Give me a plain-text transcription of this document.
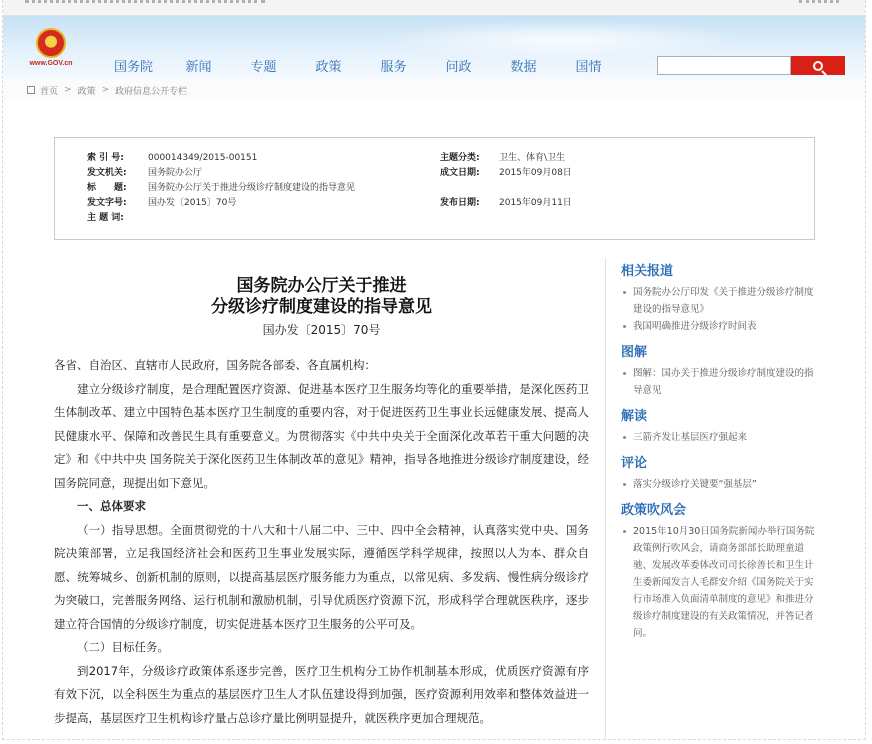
★
www.GOV.cn	国务院	新闻	专题	政策	服务	问政	数据	国情
首页 > 政策 > 政府信息公开专栏
索 引 号:	000014349/2015-00151	主题分类: 卫生、体育\卫生
发文机关: 国务院办公厅	成文日期: 2015年09月08日
标　　题: 国务院办公厅关于推进分级诊疗制度建设的指导意见
发文字号: 国办发〔2015〕70号	发布日期: 2015年09月11日
主 题 词:
国务院办公厅关于推进
分级诊疗制度建设的指导意见
国办发〔2015〕70号

各省、自治区、直辖市人民政府，国务院各部委、各直属机构：

建立分级诊疗制度，是合理配置医疗资源、促进基本医疗卫生服务均等化的重要举措，是深化医药卫生体制改革、建立中国特色基本医疗卫生制度的重要内容，对于促进医药卫生事业长远健康发展、提高人民健康水平、保障和改善民生具有重要意义。为贯彻落实《中共中央关于全面深化改革若干重大问题的决定》和《中共中央 国务院关于深化医药卫生体制改革的意见》精神，指导各地推进分级诊疗制度建设，经国务院同意，现提出如下意见。

一、总体要求

（一）指导思想。全面贯彻党的十八大和十八届二中、三中、四中全会精神，认真落实党中央、国务院决策部署，立足我国经济社会和医药卫生事业发展实际，遵循医学科学规律，按照以人为本、群众自愿、统筹城乡、创新机制的原则，以提高基层医疗服务能力为重点，以常见病、多发病、慢性病分级诊疗为突破口，完善服务网络、运行机制和激励机制，引导优质医疗资源下沉，形成科学合理就医秩序，逐步建立符合国情的分级诊疗制度，切实促进基本医疗卫生服务的公平可及。

（二）目标任务。

到2017年，分级诊疗政策体系逐步完善，医疗卫生机构分工协作机制基本形成，优质医疗资源有序有效下沉，以全科医生为重点的基层医疗卫生人才队伍建设得到加强，医疗资源利用效率和整体效益进一步提高，基层医疗卫生机构诊疗量占总诊疗量比例明显提升，就医秩序更加合理规范。

相关报道
国务院办公厅印发《关于推进分级诊疗制度建设的指导意见》
我国明确推进分级诊疗时间表
图解
图解：国办关于推进分级诊疗制度建设的指导意见
解读
三箭齐发让基层医疗强起来
评论
落实分级诊疗关键要“强基层”
政策吹风会
2015年10月30日国务院新闻办举行国务院政策例行吹风会，请商务部部长助理童道驰、发展改革委体改司司长徐善长和卫生计生委新闻发言人毛群安介绍《国务院关于实行市场准入负面清单制度的意见》和推进分级诊疗制度建设的有关政策情况，并答记者问。
